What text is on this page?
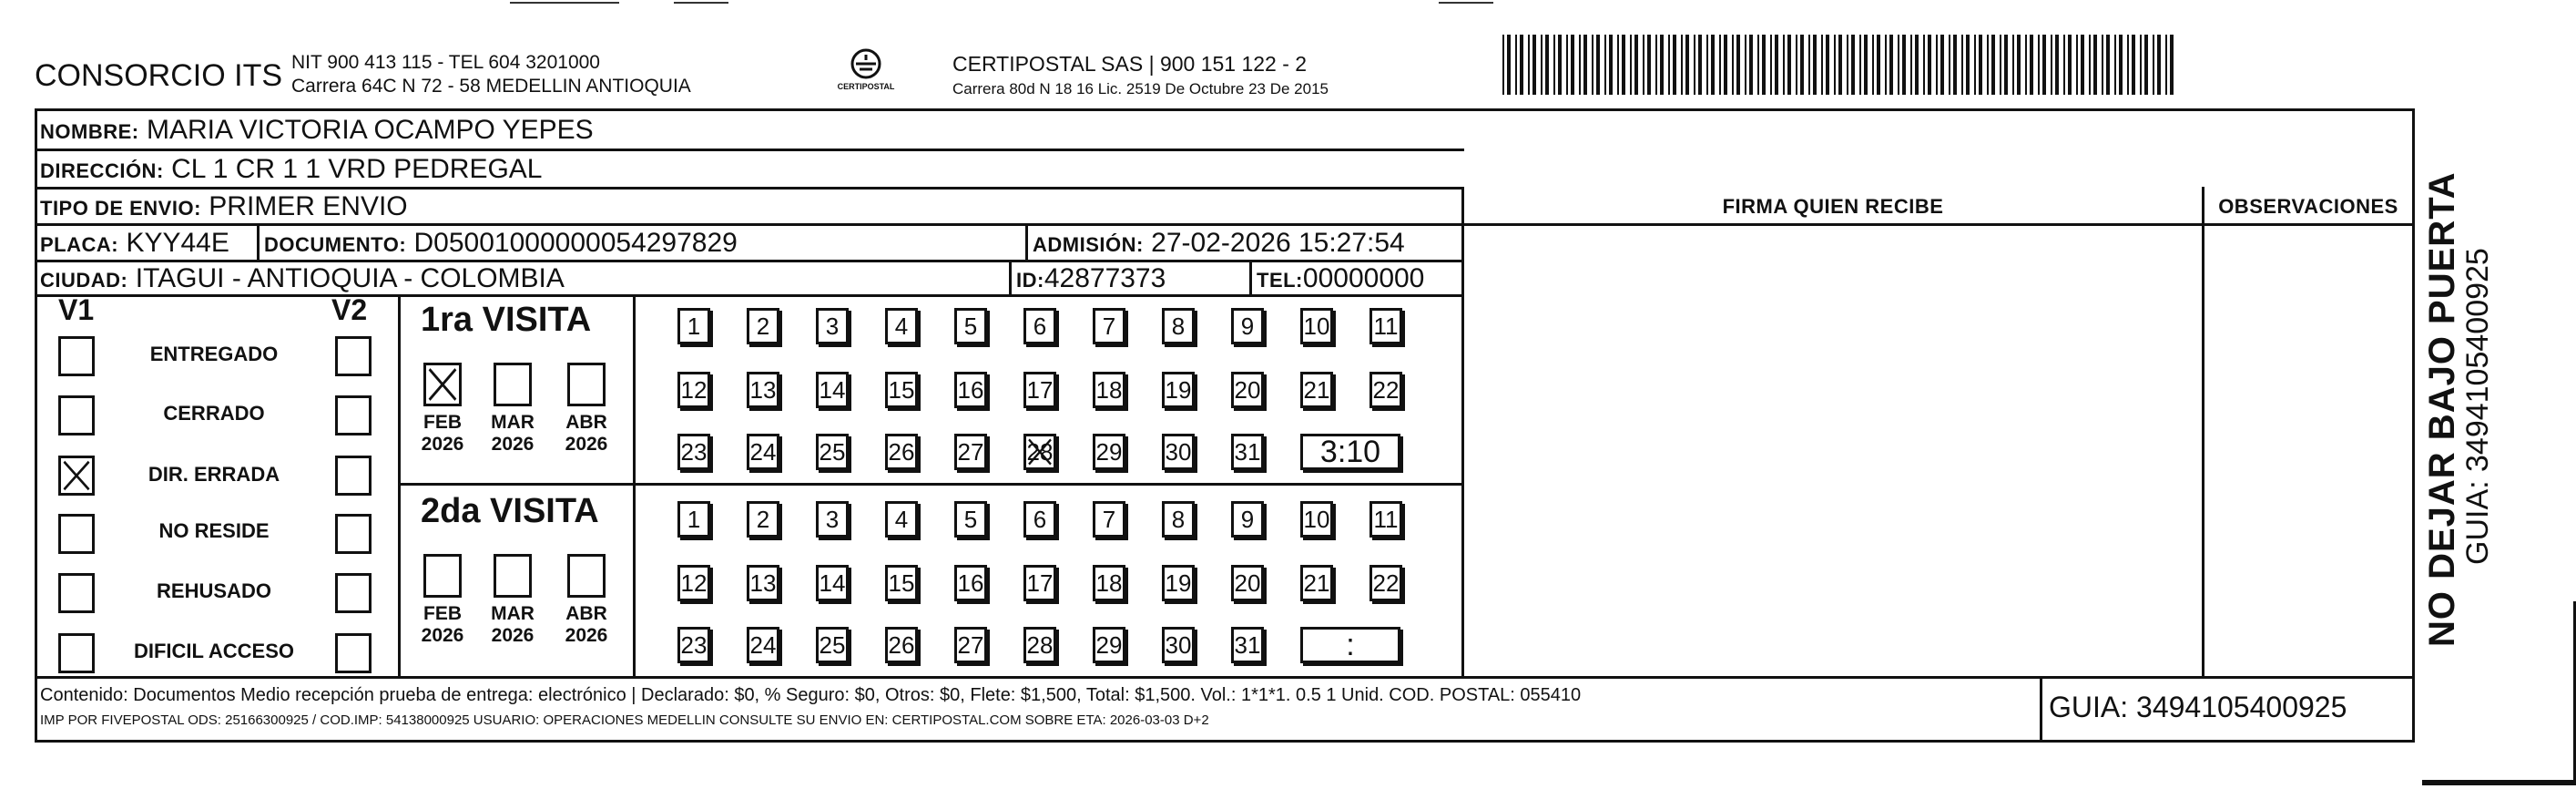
CONSORCIO ITS NIT 900 413 115 - TEL 604 3201000
Carrera 64C N 72 - 58 MEDELLIN ANTIOQUIA	CERTIPOSTAL
CERTIPOSTAL SAS | 900 151 122 - 2
Carrera 80d N 18 16 Lic. 2519 De Octubre 23 De 2015
NOMBRE: MARIA VICTORIA OCAMPO YEPES
DIRECCIÓN: CL 1 CR 1 1 VRD PEDREGAL
TIPO DE ENVIO: PRIMER ENVIO	FIRMA QUIEN RECIBE	OBSERVACIONES
PLACA: KYY44E DOCUMENTO: D05001000000054297829	ADMISIÓN: 27-02-2026 15:27:54
CIUDAD: ITAGUI - ANTIOQUIA - COLOMBIA	ID:42877373	TEL:00000000
V1	V2
ENTREGADO
CERRADO
DIR. ERRADA
NO RESIDE
REHUSADO
DIFICIL ACCESO
1ra VISITA
2da VISITA
FEB
2026
MAR
2026
ABR
2026
FEB
2026
MAR
2026
ABR
2026
1	2	3	4	5	6	7	8	9	10 11
12 13 14 15 16 17 18 19 20 21 22
23 24 25 26 27 28 29 30 31	3:10
1	2	3	4	5	6	7	8	9	10 11
12 13 14 15 16 17 18 19 20 21 22
23 24 25 26 27 28 29 30 31	:
Contenido: Documentos Medio recepción prueba de entrega: electrónico | Declarado: $0, % Seguro: $0, Otros: $0, Flete: $1,500, Total: $1,500. Vol.: 1*1*1. 0.5 1 Unid. COD. POSTAL: 055410
IMP POR FIVEPOSTAL ODS: 25166300925 / COD.IMP: 54138000925 USUARIO: OPERACIONES MEDELLIN CONSULTE SU ENVIO EN: CERTIPOSTAL.COM SOBRE ETA: 2026-03-03 D+2	GUIA: 3494105400925
NO DEJAR BAJO PUERTA
GUIA: 3494105400925
